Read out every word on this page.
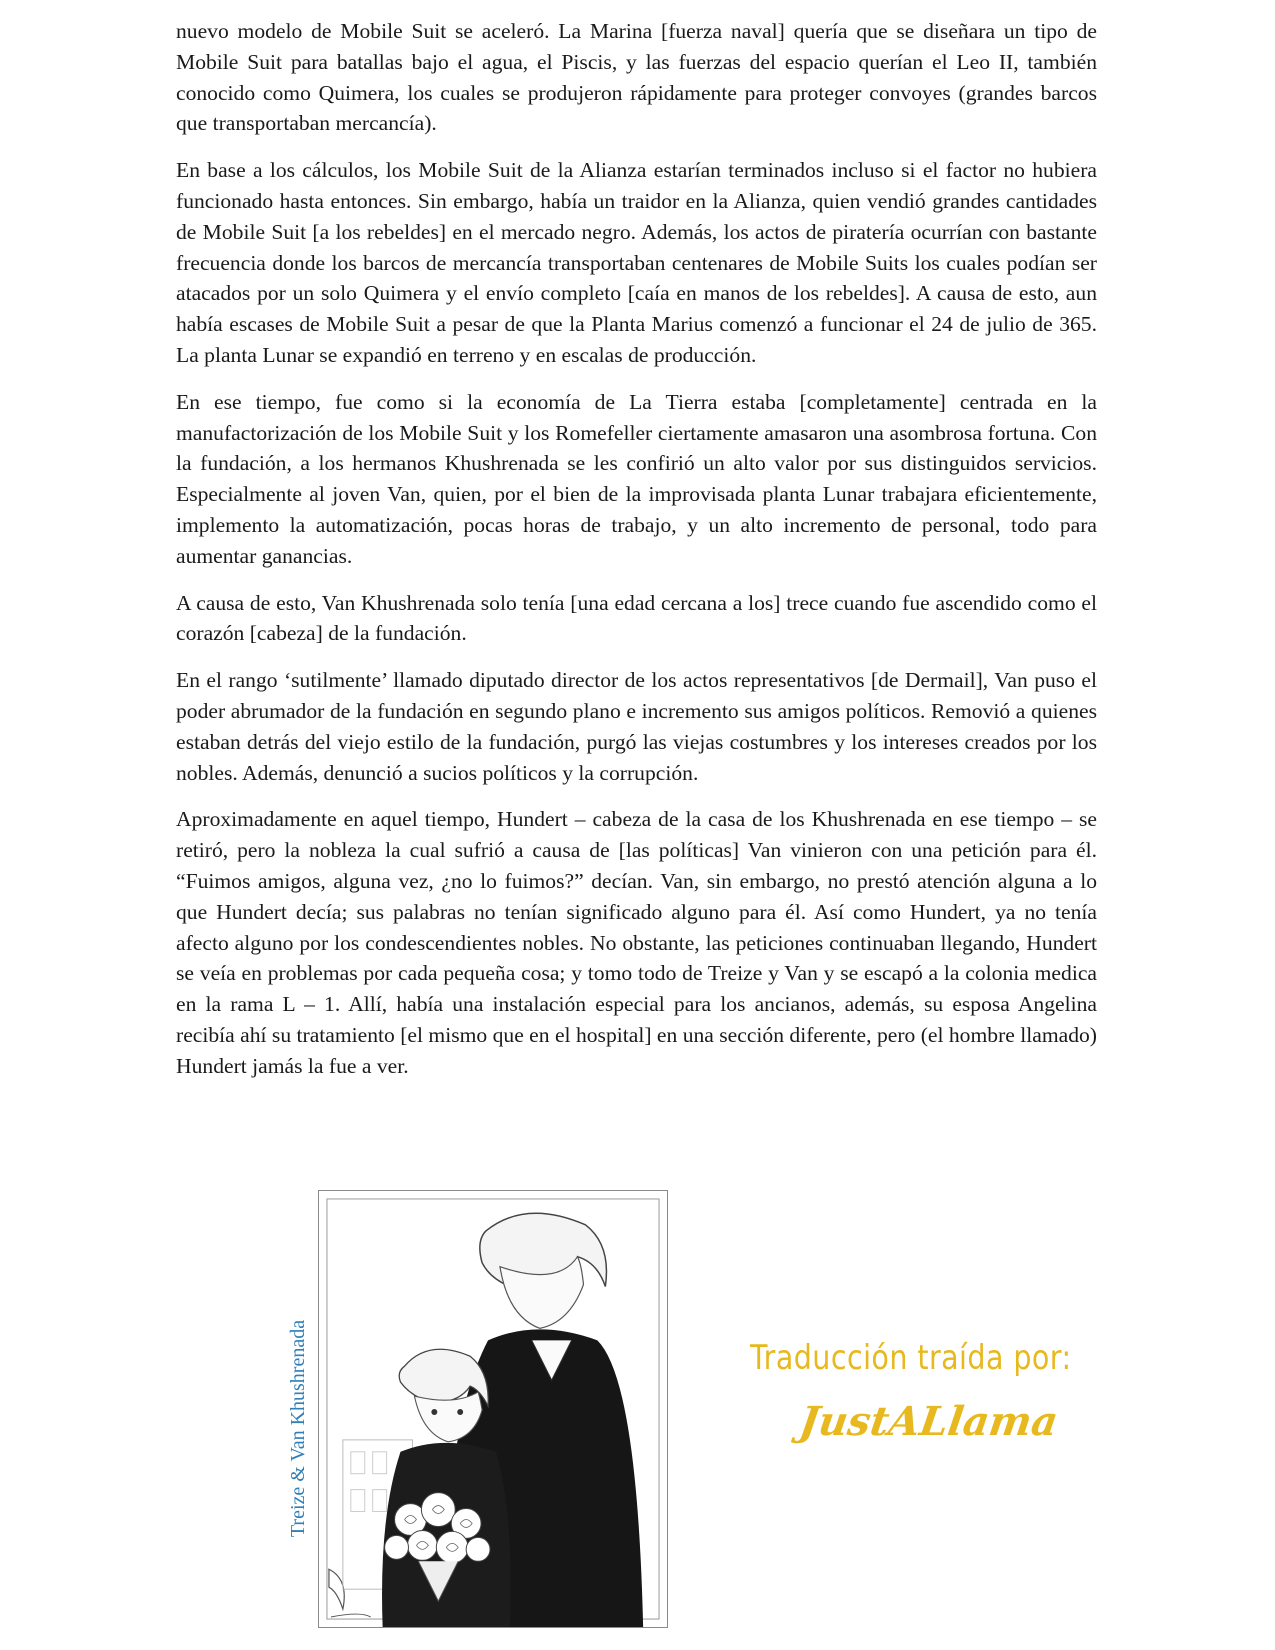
nuevo modelo de Mobile Suit se aceleró. La Marina [fuerza naval] quería que se diseñara un tipo de Mobile Suit para batallas bajo el agua, el Piscis, y las fuerzas del espacio querían el Leo II, también conocido como Quimera, los cuales se produjeron rápidamente para proteger convoyes (grandes barcos que transportaban mercancía).

En base a los cálculos, los Mobile Suit de la Alianza estarían terminados incluso si el factor no hubiera funcionado hasta entonces. Sin embargo, había un traidor en la Alianza, quien vendió grandes cantidades de Mobile Suit [a los rebeldes] en el mercado negro. Además, los actos de piratería ocurrían con bastante frecuencia donde los barcos de mercancía transportaban centenares de Mobile Suits los cuales podían ser atacados por un solo Quimera y el envío completo [caía en manos de los rebeldes]. A causa de esto, aun había escases de Mobile Suit a pesar de que la Planta Marius comenzó a funcionar el 24 de julio de 365. La planta Lunar se expandió en terreno y en escalas de producción.

En ese tiempo, fue como si la economía de La Tierra estaba [completamente] centrada en la manufactorización de los Mobile Suit y los Romefeller ciertamente amasaron una asombrosa fortuna. Con la fundación, a los hermanos Khushrenada se les confirió un alto valor por sus distinguidos servicios. Especialmente al joven Van, quien, por el bien de la improvisada planta Lunar trabajara eficientemente, implemento la automatización, pocas horas de trabajo, y un alto incremento de personal, todo para aumentar ganancias.

A causa de esto, Van Khushrenada solo tenía [una edad cercana a los] trece cuando fue ascendido como el corazón [cabeza] de la fundación.

En el rango ‘sutilmente’ llamado diputado director de los actos representativos [de Dermail], Van puso el poder abrumador de la fundación en segundo plano e incremento sus amigos políticos. Removió a quienes estaban detrás del viejo estilo de la fundación, purgó las viejas costumbres y los intereses creados por los nobles. Además, denunció a sucios políticos y la corrupción.

Aproximadamente en aquel tiempo, Hundert – cabeza de la casa de los Khushrenada en ese tiempo – se retiró, pero la nobleza la cual sufrió a causa de [las políticas] Van vinieron con una petición para él. “Fuimos amigos, alguna vez, ¿no lo fuimos?” decían. Van, sin embargo, no prestó atención alguna a lo que Hundert decía; sus palabras no tenían significado alguno para él. Así como Hundert, ya no tenía afecto alguno por los condescendientes nobles. No obstante, las peticiones continuaban llegando, Hundert se veía en problemas por cada pequeña cosa; y tomo todo de Treize y Van y se escapó a la colonia medica en la rama L – 1. Allí, había una instalación especial para los ancianos, además, su esposa Angelina recibía ahí su tratamiento [el mismo que en el hospital] en una sección diferente, pero (el hombre llamado) Hundert jamás la fue a ver.

Treize & Van Khushrenada	Traducción traída por:
JustALlama
